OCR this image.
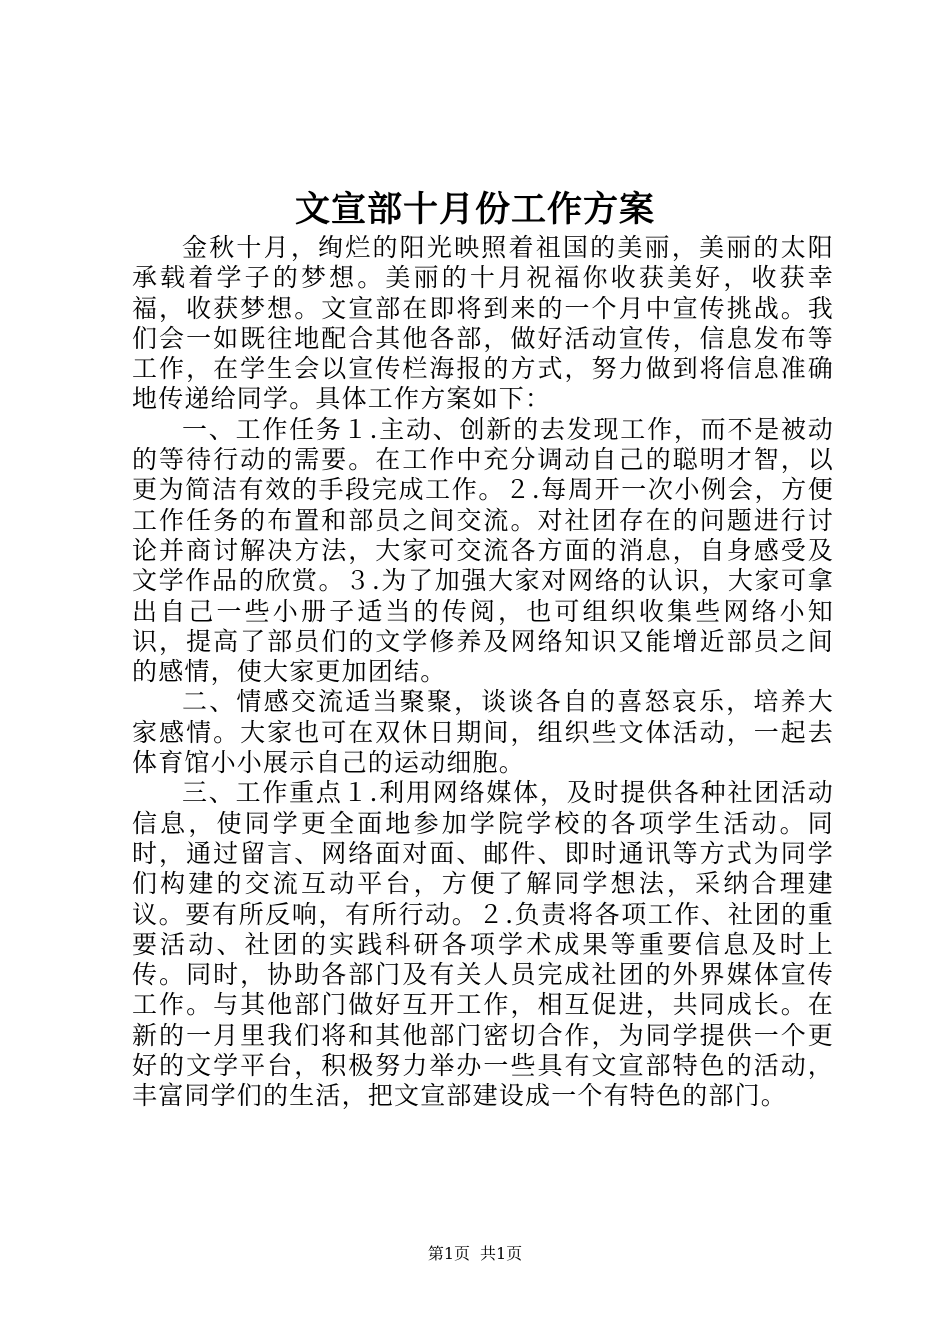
文宣部十月份工作方案

金秋十月，绚烂的阳光映照着祖国的美丽，美丽的太阳承载着学子的梦想。美丽的十月祝福你收获美好，收获幸福，收获梦想。文宣部在即将到来的一个月中宣传挑战。我们会一如既往地配合其他各部，做好活动宣传，信息发布等工作，在学生会以宣传栏海报的方式，努力做到将信息准确地传递给同学。具体工作方案如下：

一、工作任务１.主动、创新的去发现工作，而不是被动的等待行动的需要。在工作中充分调动自己的聪明才智，以更为简洁有效的手段完成工作。２.每周开一次小例会，方便工作任务的布置和部员之间交流。对社团存在的问题进行讨论并商讨解决方法，大家可交流各方面的消息，自身感受及文学作品的欣赏。３.为了加强大家对网络的认识，大家可拿出自己一些小册子适当的传阅，也可组织收集些网络小知识，提高了部员们的文学修养及网络知识又能增近部员之间的感情，使大家更加团结。

二、情感交流适当聚聚，谈谈各自的喜怒哀乐，培养大家感情。大家也可在双休日期间，组织些文体活动，一起去体育馆小小展示自己的运动细胞。

三、工作重点１.利用网络媒体，及时提供各种社团活动信息，使同学更全面地参加学院学校的各项学生活动。同时，通过留言、网络面对面、邮件、即时通讯等方式为同学们构建的交流互动平台，方便了解同学想法，采纳合理建议。要有所反响，有所行动。２.负责将各项工作、社团的重要活动、社团的实践科研各项学术成果等重要信息及时上传。同时，协助各部门及有关人员完成社团的外界媒体宣传工作。与其他部门做好互开工作，相互促进，共同成长。在新的一月里我们将和其他部门密切合作，为同学提供一个更好的文学平台，积极努力举办一些具有文宣部特色的活动，丰富同学们的生活，把文宣部建设成一个有特色的部门。

第1页 共1页
